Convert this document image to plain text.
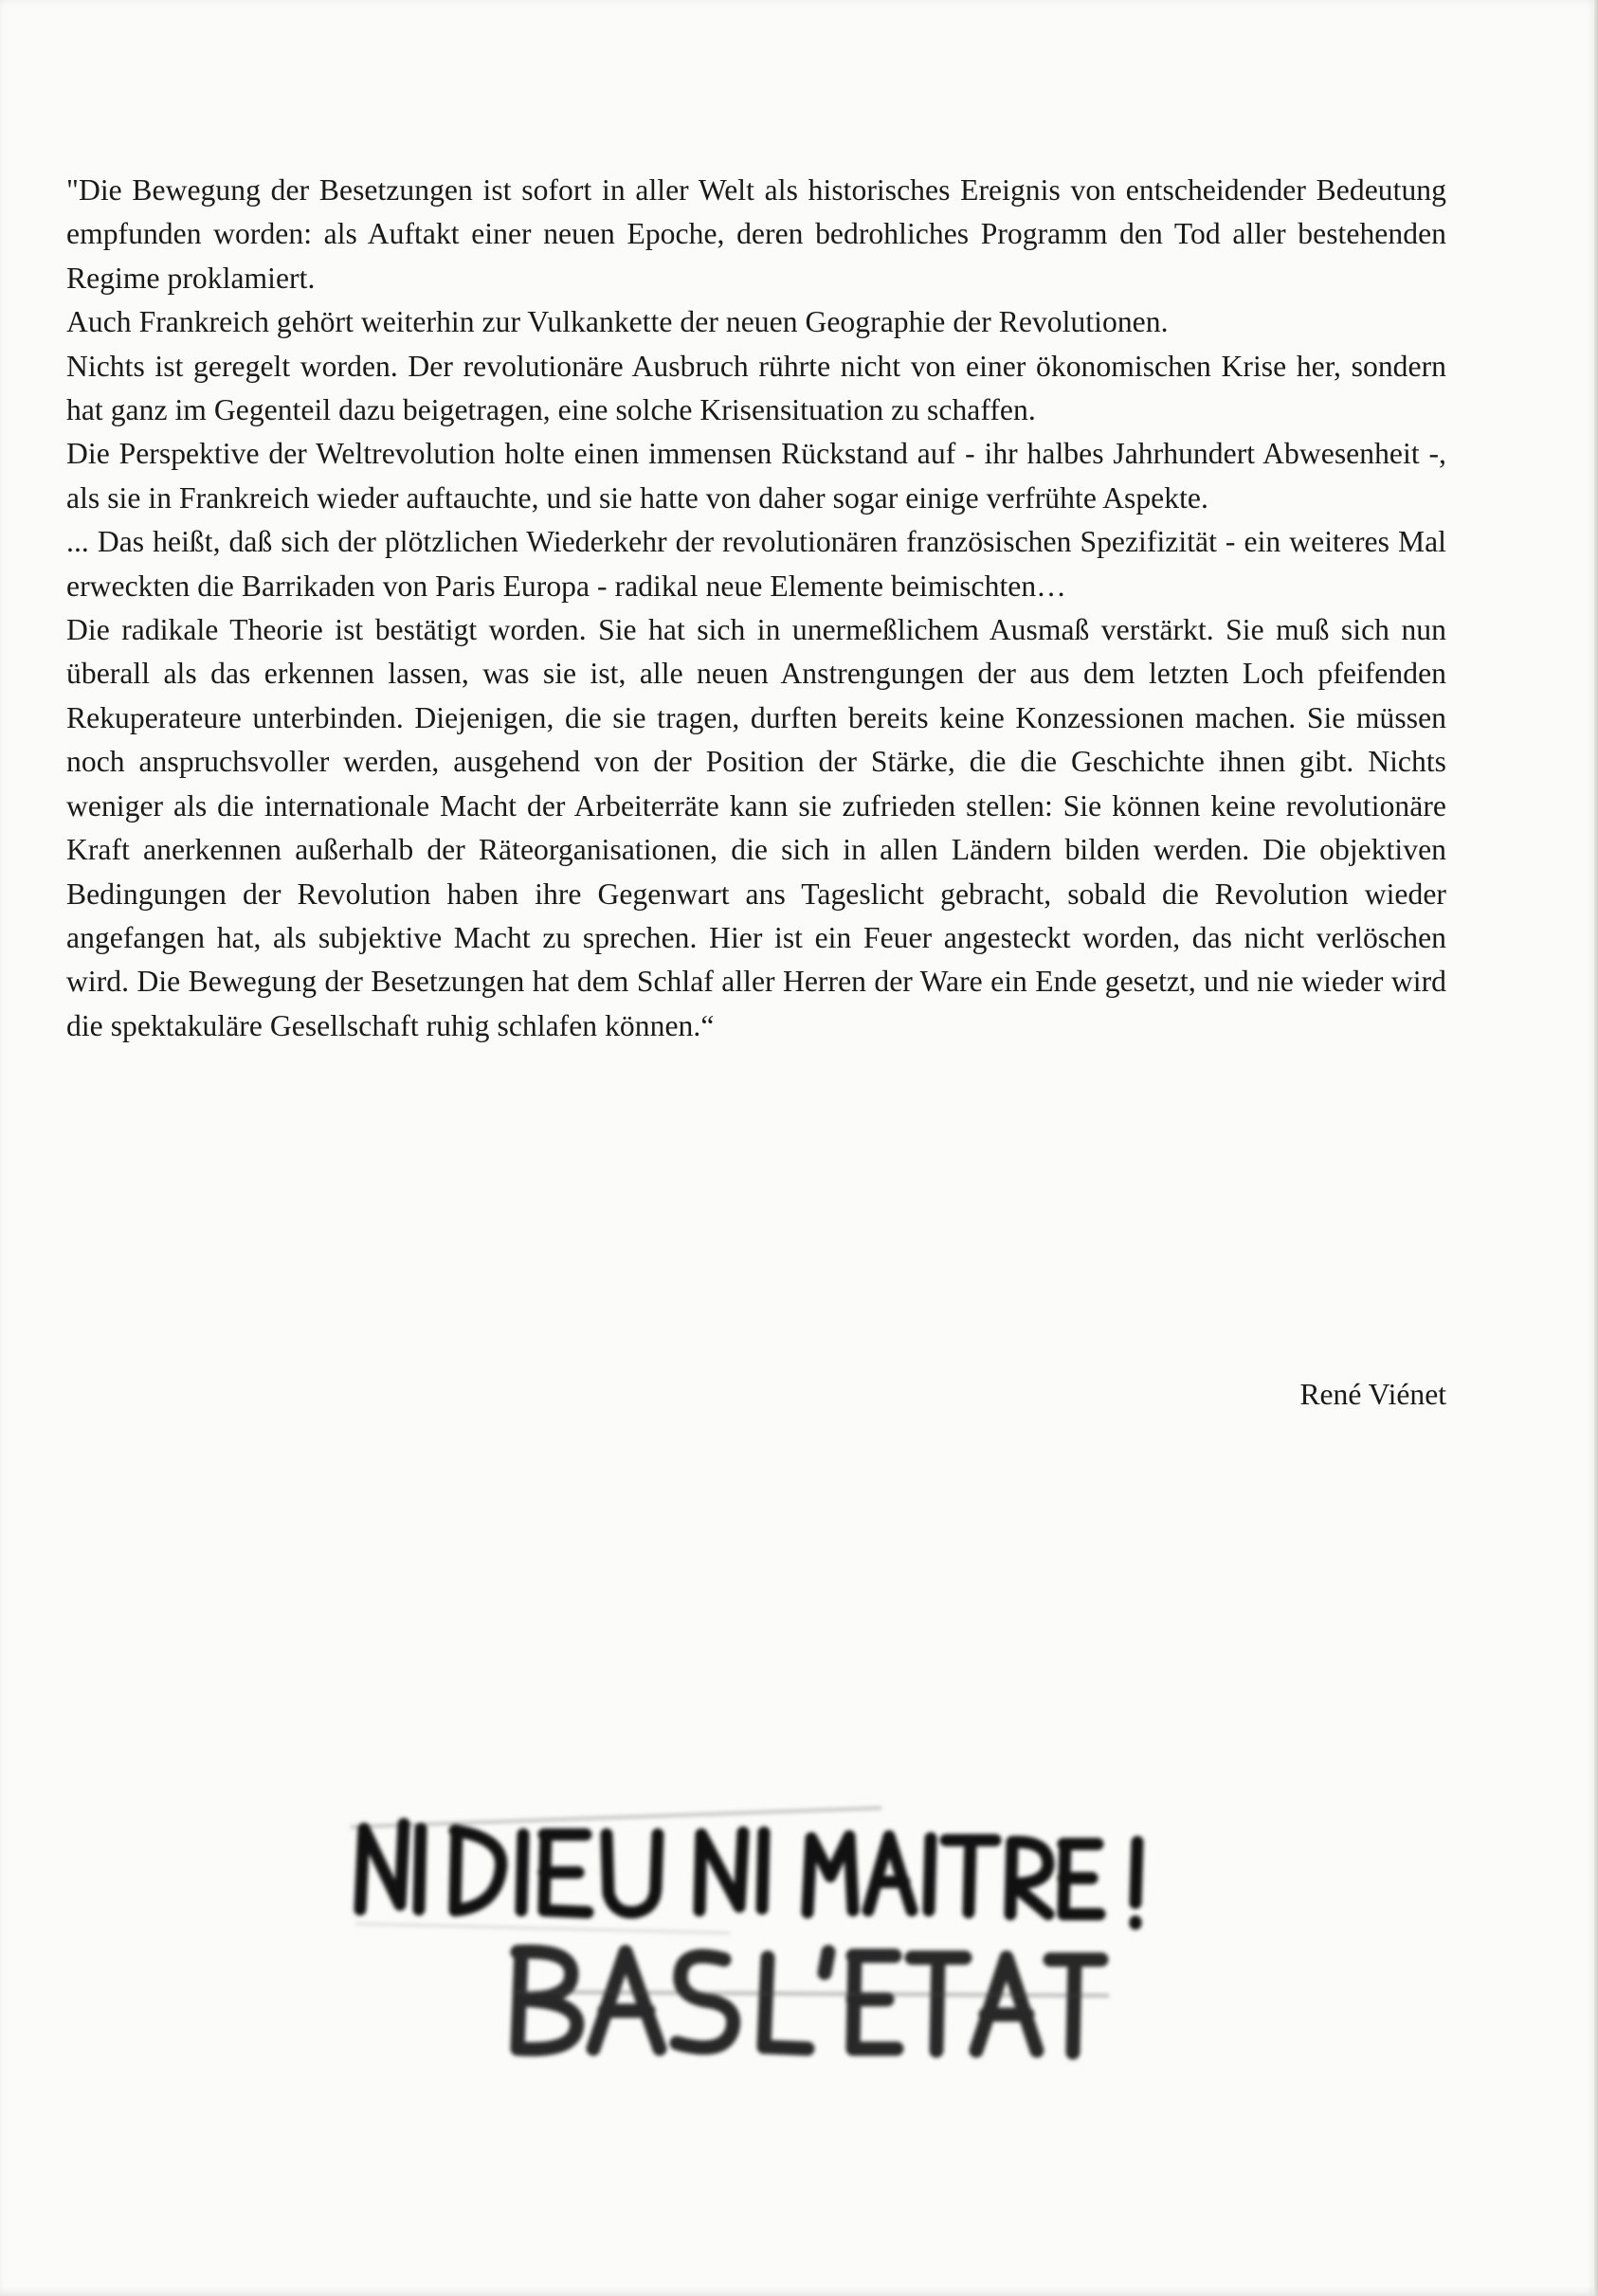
"Die Bewegung der Besetzungen ist sofort in aller Welt als historisches Ereignis von entscheidender Bedeutung empfunden worden: als Auftakt einer neuen Epoche, deren bedrohliches Programm den Tod aller bestehenden Regime proklamiert.

Auch Frankreich gehört weiterhin zur Vulkankette der neuen Geographie der Revolutionen.

Nichts ist geregelt worden. Der revolutionäre Ausbruch rührte nicht von einer ökonomischen Krise her, sondern hat ganz im Gegenteil dazu beigetragen, eine solche Krisensituation zu schaffen.

Die Perspektive der Weltrevolution holte einen immensen Rückstand auf - ihr halbes Jahrhundert Abwesenheit -, als sie in Frankreich wieder auftauchte, und sie hatte von daher sogar einige verfrühte Aspekte.

... Das heißt, daß sich der plötzlichen Wiederkehr der revolutionären französischen Spezifizität - ein weiteres Mal erweckten die Barrikaden von Paris Europa - radikal neue Elemente beimischten…

Die radikale Theorie ist bestätigt worden. Sie hat sich in unermeßlichem Ausmaß verstärkt. Sie muß sich nun überall als das erkennen lassen, was sie ist, alle neuen Anstrengungen der aus dem letzten Loch pfeifenden Rekuperateure unterbinden. Diejenigen, die sie tragen, durften bereits keine Konzessionen machen. Sie müssen noch anspruchsvoller werden, ausgehend von der Position der Stärke, die die Geschichte ihnen gibt. Nichts weniger als die internationale Macht der Arbeiterräte kann sie zufrieden stellen: Sie können keine revolutionäre Kraft anerkennen außerhalb der Räteorganisationen, die sich in allen Ländern bilden werden. Die objektiven Bedingungen der Revolution haben ihre Gegenwart ans Tageslicht gebracht, sobald die Revolution wieder angefangen hat, als subjektive Macht zu sprechen. Hier ist ein Feuer angesteckt worden, das nicht verlöschen wird. Die Bewegung der Besetzungen hat dem Schlaf aller Herren der Ware ein Ende gesetzt, und nie wieder wird die spektakuläre Gesellschaft ruhig schlafen können.“

René Viénet
